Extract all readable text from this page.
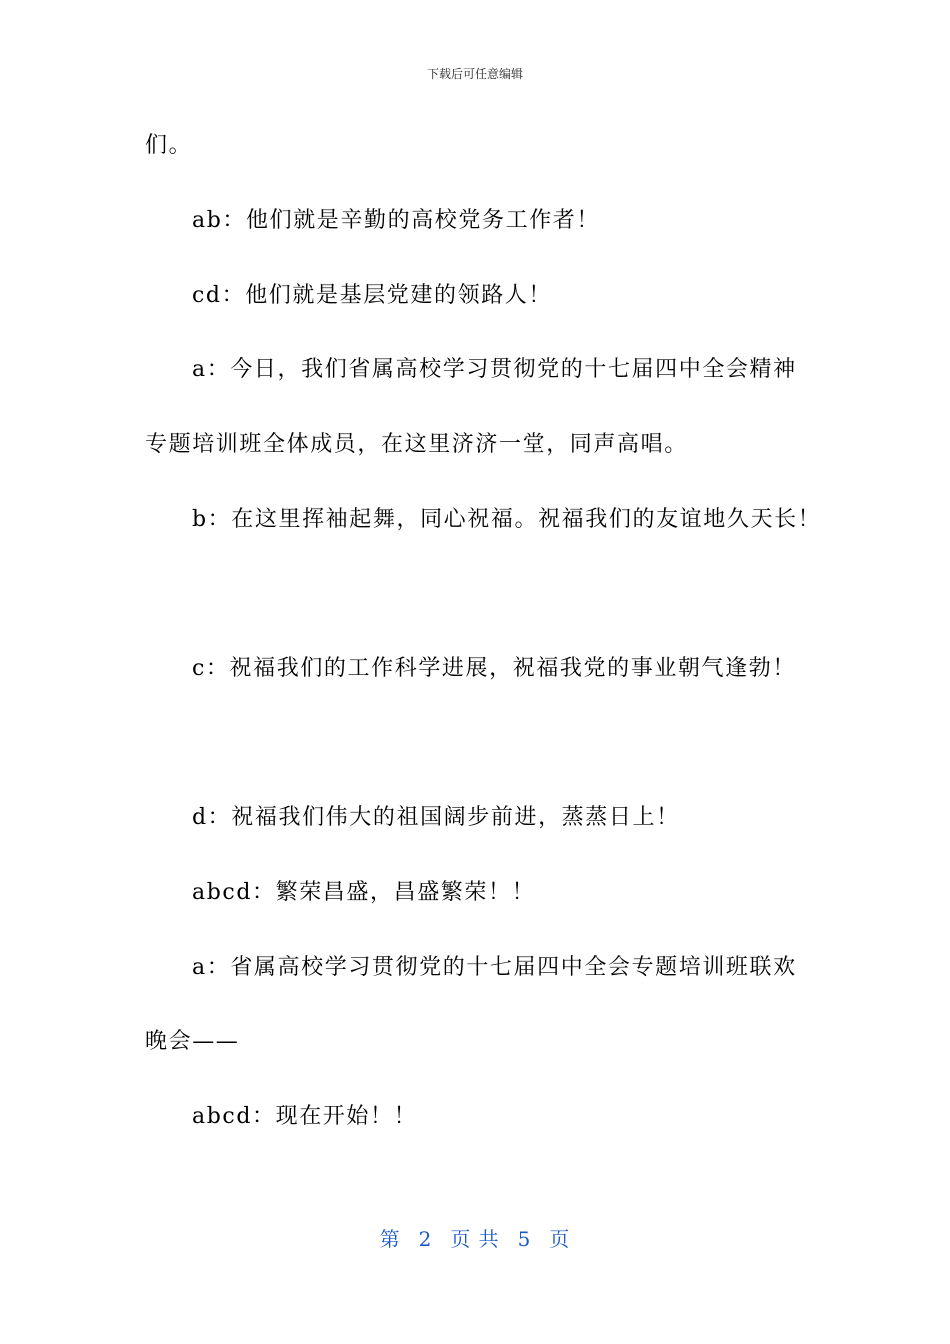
下载后可任意编辑
们。
ab：他们就是辛勤的高校党务工作者！
cd：他们就是基层党建的领路人！
a：今日，我们省属高校学习贯彻党的十七届四中全会精神
专题培训班全体成员，在这里济济一堂，同声高唱。
b：在这里挥袖起舞，同心祝福。祝福我们的友谊地久天长！
c：祝福我们的工作科学进展，祝福我党的事业朝气逢勃！
d：祝福我们伟大的祖国阔步前进，蒸蒸日上！
abcd：繁荣昌盛，昌盛繁荣！！
a：省属高校学习贯彻党的十七届四中全会专题培训班联欢
晚会——
abcd：现在开始！！
第 2 页 共 5 页
